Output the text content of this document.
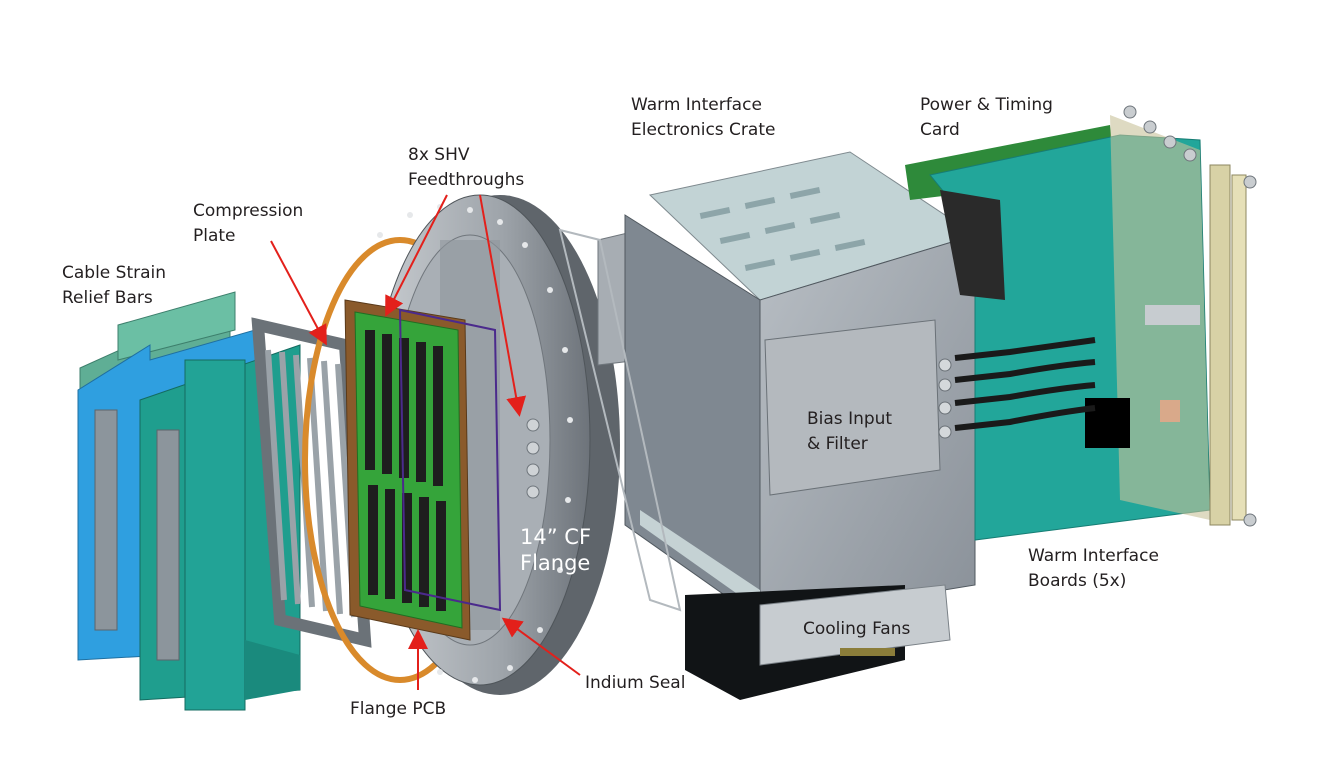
Cable Strain
Relief Bars
Compression
Plate
8x SHV
Feedthroughs
Warm Interface
Electronics Crate
Power & Timing
Card
Bias Input
& Filter
14” CF
Flange	Warm Interface
Boards (5x)
Cooling Fans
Indium Seal
Flange PCB
